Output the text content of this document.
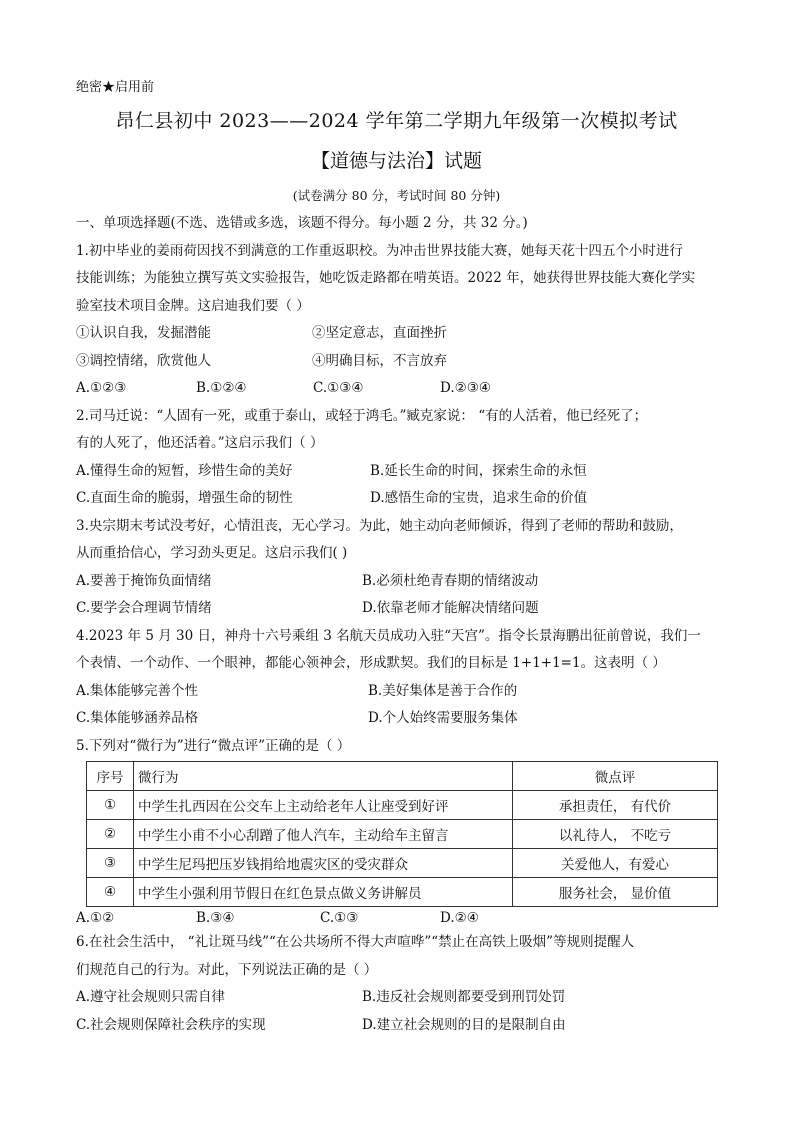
绝密★启用前
昂仁县初中 2023——2024 学年第二学期九年级第一次模拟考试
【道德与法治】试题
(试卷满分 80 分，考试时间 80 分钟)
一、单项选择题(不选、选错或多选，该题不得分。每小题 2 分，共 32 分。)
1.初中毕业的姜雨荷因找不到满意的工作重返职校。为冲击世界技能大赛，她每天花十四五个小时进行
技能训练；为能独立撰写英文实验报告，她吃饭走路都在啃英语。2022 年，她获得世界技能大赛化学实
验室技术项目金牌。这启迪我们要（ ）
①认识自我，发掘潜能	②坚定意志，直面挫折
③调控情绪，欣赏他人	④明确目标，不言放弃
A.①②③	B.①②④	C.①③④	D.②③④
2.司马迁说：“人固有一死，或重于泰山，或轻于鸿毛。”臧克家说： “有的人活着，他已经死了；
有的人死了，他还活着。”这启示我们（ ）
A.懂得生命的短暂，珍惜生命的美好	B.延长生命的时间，探索生命的永恒
C.直面生命的脆弱，增强生命的韧性	D.感悟生命的宝贵，追求生命的价值
3.央宗期末考试没考好，心情沮丧，无心学习。为此，她主动向老师倾诉，得到了老师的帮助和鼓励，
从而重拾信心，学习劲头更足。这启示我们( )
A.要善于掩饰负面情绪	B.必须杜绝青春期的情绪波动
C.要学会合理调节情绪	D.依靠老师才能解决情绪问题
4.2023 年 5 月 30 日，神舟十六号乘组 3 名航天员成功入驻“天宫”。指令长景海鹏出征前曾说，我们一
个表情、一个动作、一个眼神，都能心领神会，形成默契。我们的目标是 1+1+1=1。这表明（ ）
A.集体能够完善个性	B.美好集体是善于合作的
C.集体能够涵养品格	D.个人始终需要服务集体
5.下列对“微行为”进行“微点评”正确的是（ ）
序号	微行为	微点评
①	中学生扎西因在公交车上主动给老年人让座受到好评	承担责任， 有代价
②	中学生小甫不小心刮蹭了他人汽车，主动给车主留言	以礼待人， 不吃亏
③	中学生尼玛把压岁钱捐给地震灾区的受灾群众	关爱他人，有爱心
④	中学生小强利用节假日在红色景点做义务讲解员	服务社会， 显价值
A.①②	B.③④	C.①③	D.②④
6.在社会生活中， “礼让斑马线”“在公共场所不得大声喧哗”“禁止在高铁上吸烟”等规则提醒人
们规范自己的行为。对此，下列说法正确的是（ ）
A.遵守社会规则只需自律	B.违反社会规则都要受到刑罚处罚
C.社会规则保障社会秩序的实现	D.建立社会规则的目的是限制自由
